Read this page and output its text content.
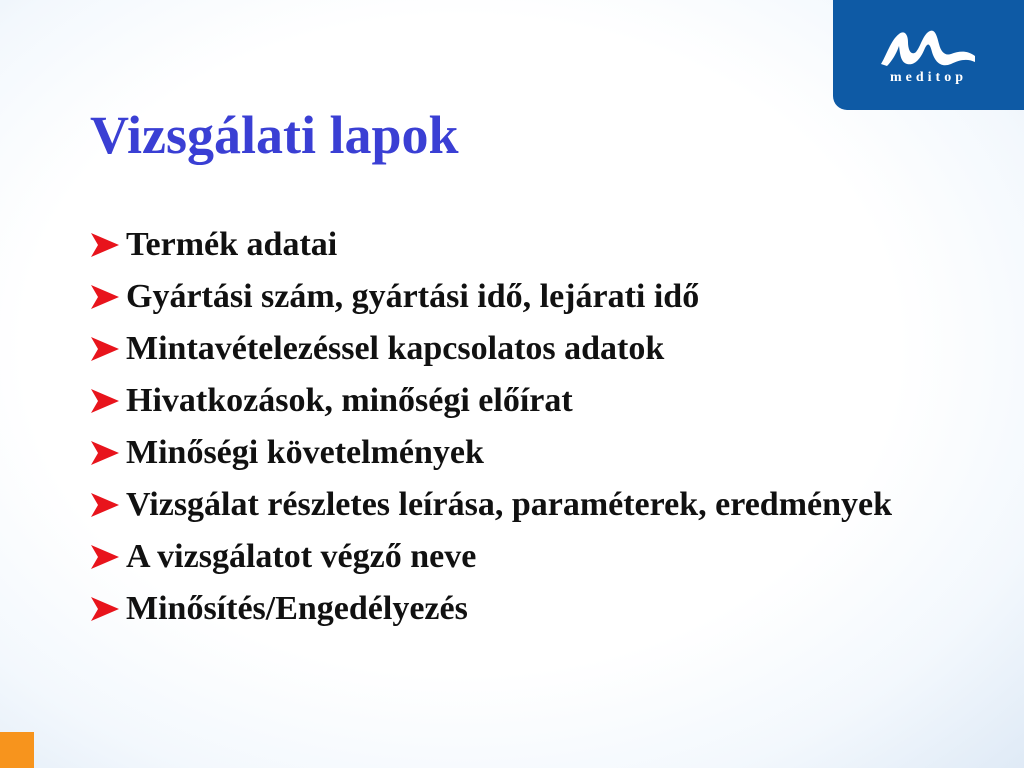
meditop
Vizsgálati lapok
Termék adatai
Gyártási szám, gyártási idő, lejárati idő
Mintavételezéssel kapcsolatos adatok
Hivatkozások, minőségi előírat
Minőségi követelmények
Vizsgálat részletes leírása, paraméterek, eredmények
A vizsgálatot végző neve
Minősítés/Engedélyezés
